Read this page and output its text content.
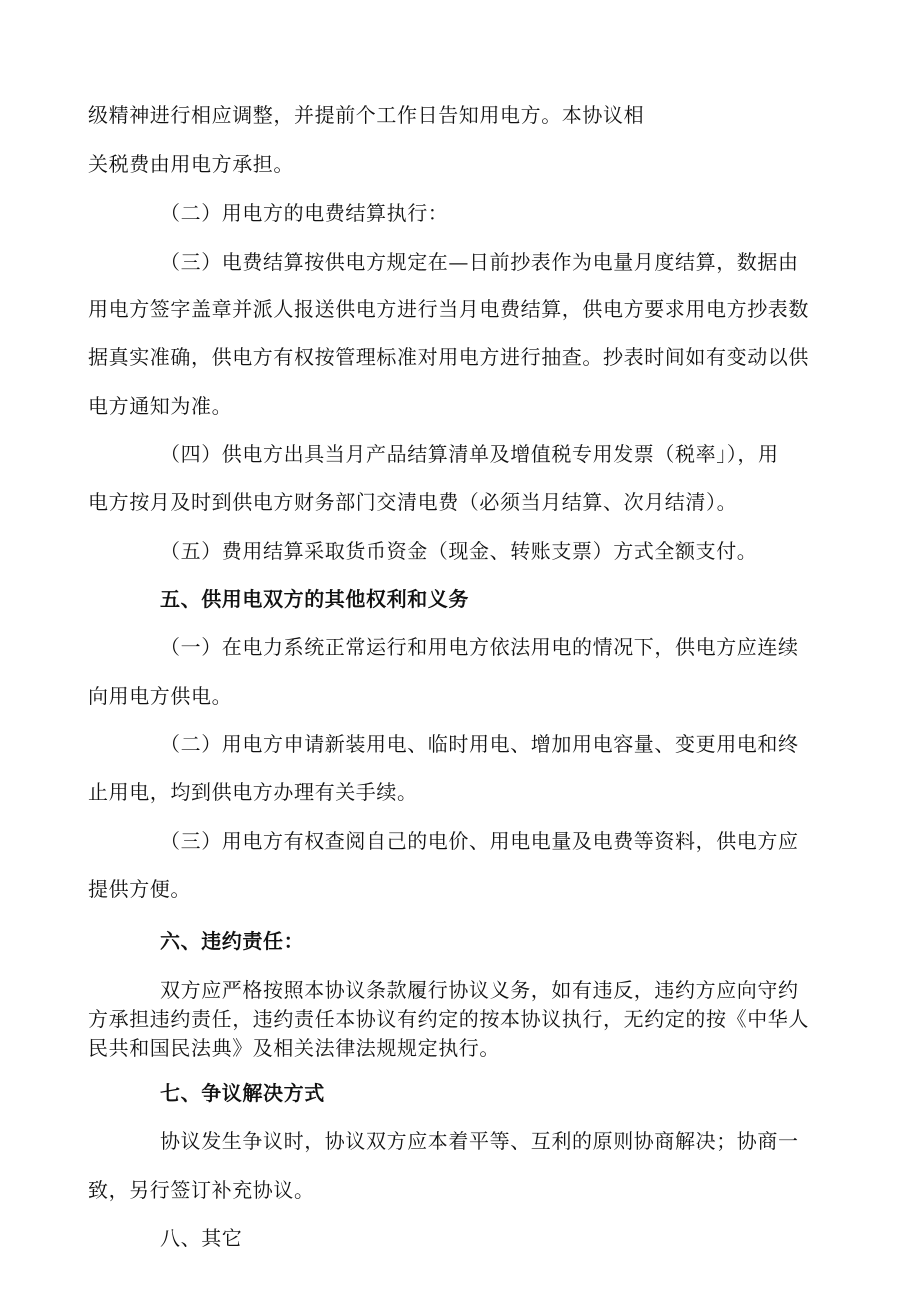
级精神进行相应调整，并提前个工作日告知用电方。本协议相
关税费由用电方承担。
（二）用电方的电费结算执行：
（三）电费结算按供电方规定在—日前抄表作为电量月度结算，数据由
用电方签字盖章并派人报送供电方进行当月电费结算，供电方要求用电方抄表数
据真实准确，供电方有权按管理标准对用电方进行抽查。抄表时间如有变动以供
电方通知为准。
（四）供电方出具当月产品结算清单及增值税专用发票（税率」），用
电方按月及时到供电方财务部门交清电费（必须当月结算、次月结清）。
（五）费用结算采取货币资金（现金、转账支票）方式全额支付。
五、供用电双方的其他权利和义务
（一）在电力系统正常运行和用电方依法用电的情况下，供电方应连续
向用电方供电。
（二）用电方申请新装用电、临时用电、增加用电容量、变更用电和终
止用电，均到供电方办理有关手续。
（三）用电方有权查阅自己的电价、用电电量及电费等资料，供电方应
提供方便。
六、违约责任：
双方应严格按照本协议条款履行协议义务，如有违反，违约方应向守约
方承担违约责任，违约责任本协议有约定的按本协议执行，无约定的按《中华人
民共和国民法典》及相关法律法规规定执行。
七、争议解决方式
协议发生争议时，协议双方应本着平等、互利的原则协商解决；协商一
致，另行签订补充协议。
八、其它
